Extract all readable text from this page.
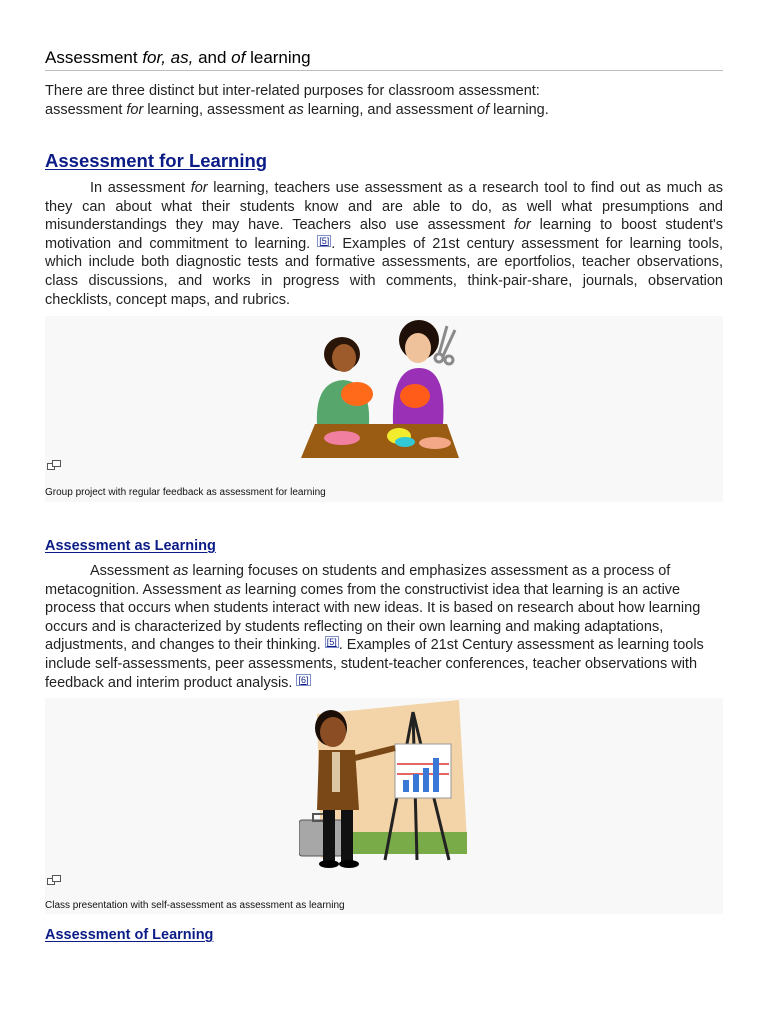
Assessment for, as, and of learning
There are three distinct but inter-related purposes for classroom assessment:
assessment for learning, assessment as learning, and assessment of learning.
Assessment for Learning
In assessment for learning, teachers use assessment as a research tool to find out as much as they can about what their students know and are able to do, as well what presumptions and misunderstandings they may have. Teachers also use assessment for learning to boost student's motivation and commitment to learning. [5] . Examples of 21st century assessment for learning tools, which include both diagnostic tests and formative assessments, are eportfolios, teacher observations, class discussions, and works in progress with comments, think-pair-share, journals, observation checklists, concept maps, and rubrics.
Group project with regular feedback as assessment for learning
Assessment as Learning
Assessment as learning focuses on students and emphasizes assessment as a process of metacognition. Assessment as learning comes from the constructivist idea that learning is an active process that occurs when students interact with new ideas. It is based on research about how learning occurs and is characterized by students reflecting on their own learning and making adaptations, adjustments, and changes to their thinking. [5] . Examples of 21st Century assessment as learning tools include self-assessments, peer assessments, student-teacher conferences, teacher observations with feedback and interim product analysis. [6]
Class presentation with self-assessment as assessment as learning
Assessment of Learning
